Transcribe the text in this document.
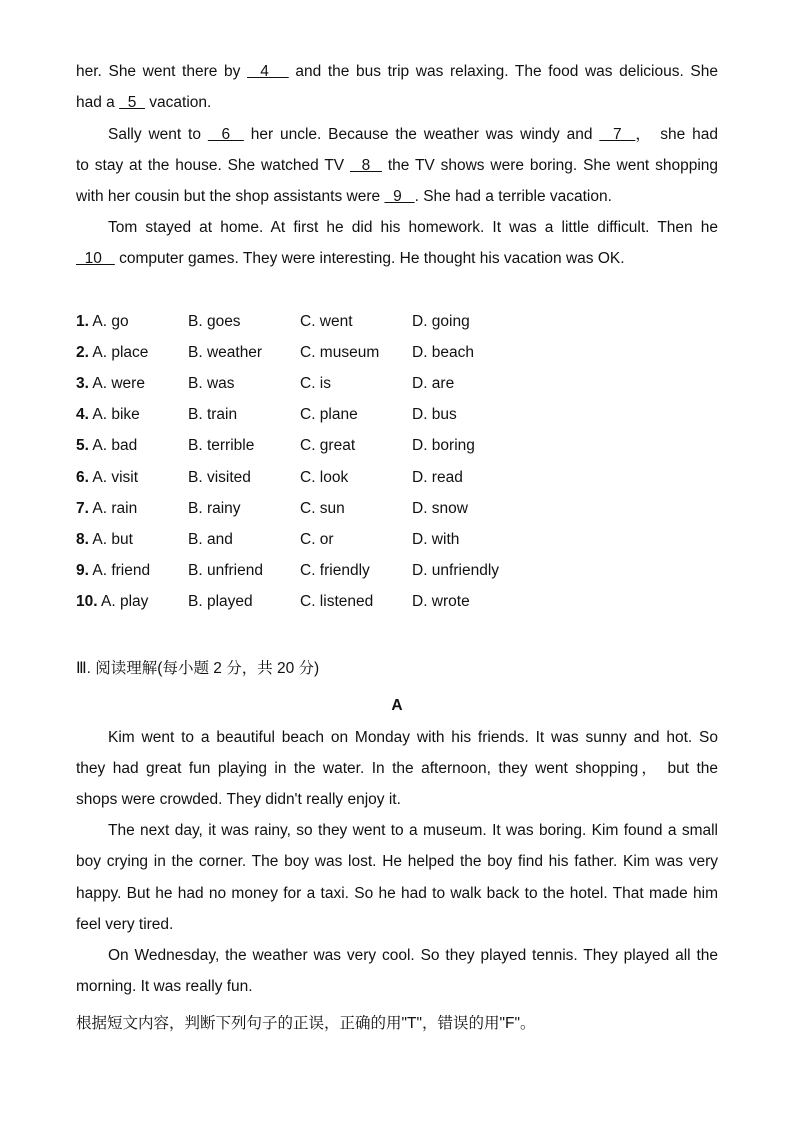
her. She went there by   4    and the bus trip was relaxing. The food was delicious. She
had a   5   vacation.
Sally went to   6   her uncle. Because the weather was windy and   7  ， she had
to stay at the house. She watched TV   8   the TV shows were boring. She went shopping
with her cousin but the shop assistants were   9   . She had a terrible vacation.
Tom stayed at home. At first he did his homework. It was a little difficult. Then he
10    computer games. They were interesting. He thought his vacation was OK.
1. A. go	B. goes	C. went	D. going
2. A. place	B. weather C. museum D. beach
3. A. were	B. was	C. is	D. are
4. A. bike	B. train	C. plane	D. bus
5. A. bad	B. terrible	C. great	D. boring
6. A. visit	B. visited	C. look	D. read
7. A. rain	B. rainy	C. sun	D. snow
8. A. but	B. and	C. or	D. with
9. A. friend B. unfriend C. friendly	D. unfriendly
10. A. play	B. played	C. listened	D. wrote
Ⅲ. 阅读理解(每小题 2 分，共 20 分)
A
Kim went to a beautiful beach on Monday with his friends. It was sunny and hot. So
they had great fun playing in the water. In the afternoon, they went shopping， but the
shops were crowded. They didn't really enjoy it.
The next day, it was rainy, so they went to a museum. It was boring. Kim found a small
boy crying in the corner. The boy was lost. He helped the boy find his father. Kim was very
happy. But he had no money for a taxi. So he had to walk back to the hotel. That made him
feel very tired.
On Wednesday, the weather was very cool. So they played tennis. They played all the
morning. It was really fun.
根据短文内容，判断下列句子的正误，正确的用"T"，错误的用"F"。
